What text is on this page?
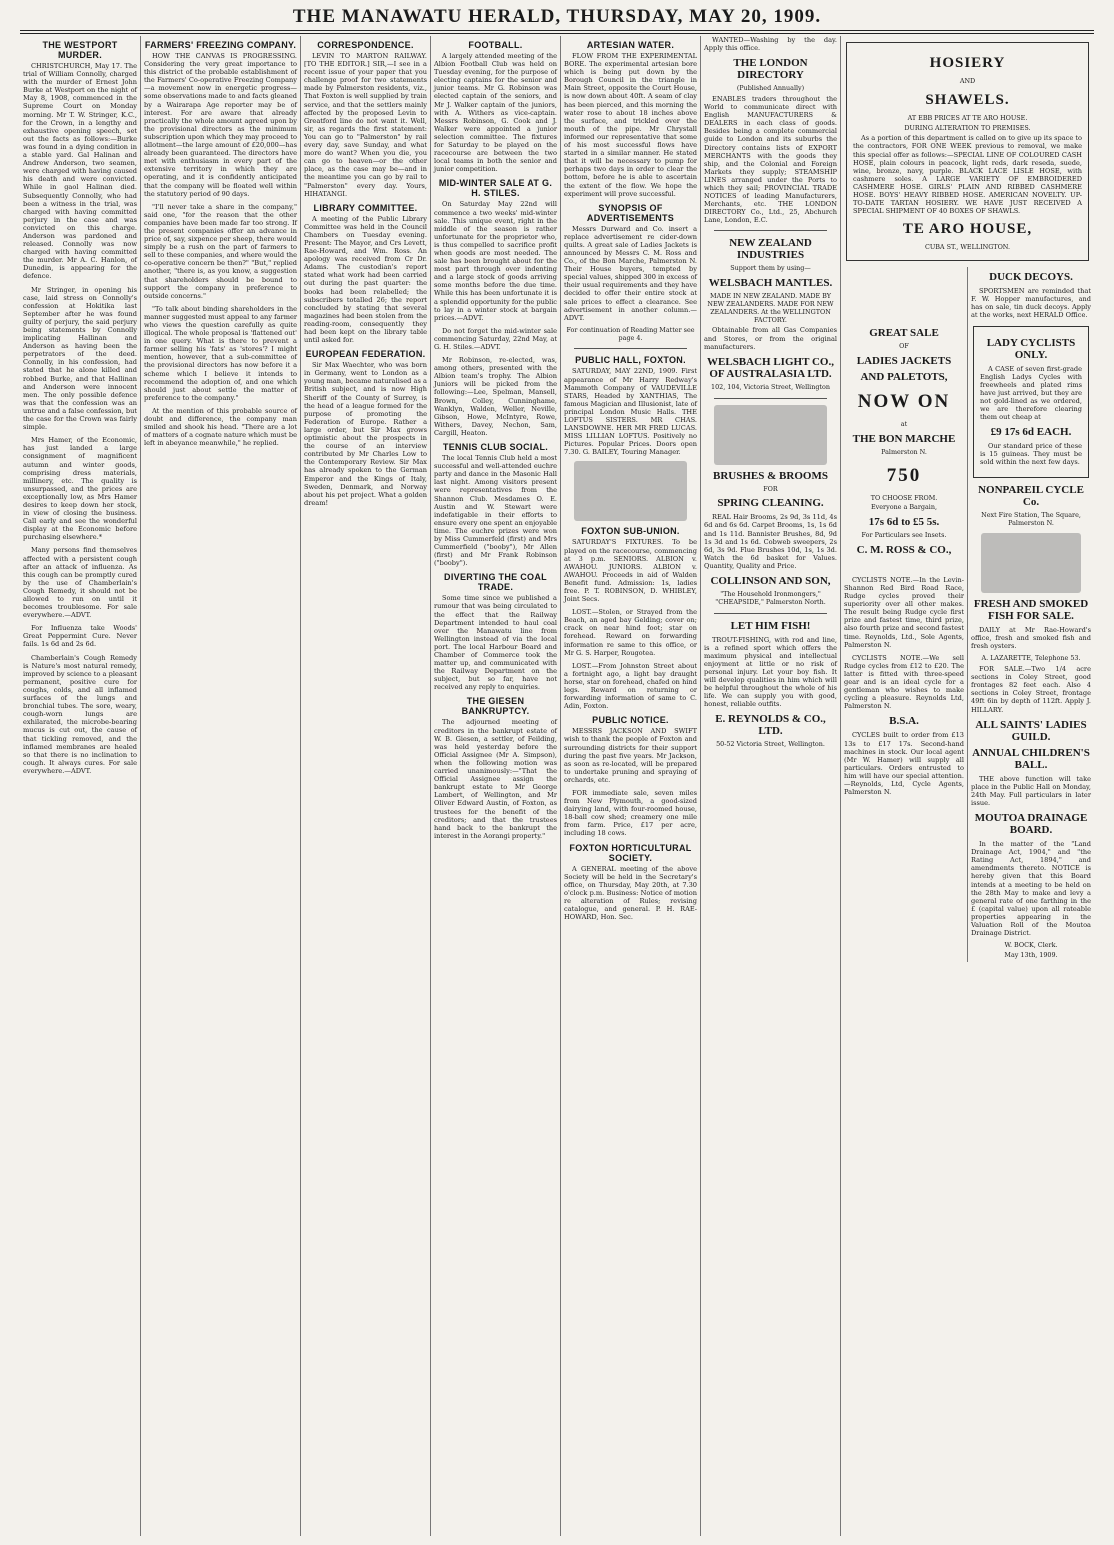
THE MANAWATU HERALD, THURSDAY, MAY 20, 1909.
THE WESTPORT MURDER.

CHRISTCHURCH, May 17. The trial of William Connolly, charged with the murder of Ernest John Burke at Westport on the night of May 8, 1908, commenced in the Supreme Court on Monday morning. Mr T. W. Stringer, K.C., for the Crown, in a lengthy and exhaustive opening speech, set out the facts as follows:—Burke was found in a dying condition in a stable yard. Gal Halinan and Andrew Anderson, two seamen, were charged with having caused his death and were convicted. While in gaol Halinan died. Subsequently Connolly, who had been a witness in the trial, was charged with having committed perjury in the case and was convicted on this charge. Anderson was pardoned and released. Connolly was now charged with having committed the murder. Mr A. C. Hanlon, of Dunedin, is appearing for the defence.

Mr Stringer, in opening his case, laid stress on Connolly's confession at Hokitika last September after he was found guilty of perjury, the said perjury being statements by Connolly implicating Hallinan and Anderson as having been the perpetrators of the deed. Connolly, in his confession, had stated that he alone killed and robbed Burke, and that Hallinan and Anderson were innocent men. The only possible defence was that the confession was an untrue and a false confession, but the case for the Crown was fairly simple.

Mrs Hamer, of the Economic, has just landed a large consignment of magnificent autumn and winter goods, comprising dress materials, millinery, etc. The quality is unsurpassed, and the prices are exceptionally low, as Mrs Hamer desires to keep down her stock, in view of closing the business. Call early and see the wonderful display at the Economic before purchasing elsewhere.*

Many persons find themselves affected with a persistent cough after an attack of influenza. As this cough can be promptly cured by the use of Chamberlain's Cough Remedy, it should not be allowed to run on until it becomes troublesome. For sale everywhere.—ADVT.

For Influenza take Woods' Great Peppermint Cure. Never fails. 1s 6d and 2s 6d.

Chamberlain's Cough Remedy is Nature's most natural remedy, improved by science to a pleasant permanent, positive cure for coughs, colds, and all inflamed surfaces of the lungs and bronchial tubes. The sore, weary, cough-worn lungs are exhilarated, the microbe-bearing mucus is cut out, the cause of that tickling removed, and the inflamed membranes are healed so that there is no inclination to cough. It always cures. For sale everywhere.—ADVT.

FARMERS' FREEZING COMPANY.

HOW THE CANVAS IS PROGRESSING. Considering the very great importance to this district of the probable establishment of the Farmers' Co-operative Freezing Company—a movement now in energetic progress—some observations made to and facts gleaned by a Wairarapa Age reporter may be of interest. For are aware that already practically the whole amount agreed upon by the provisional directors as the minimum subscription upon which they may proceed to allotment—the large amount of £20,000—has already been guaranteed. The directors have met with enthusiasm in every part of the extensive territory in which they are operating, and it is confidently anticipated that the company will be floated well within the statutory period of 90 days.

"I'll never take a share in the company," said one, "for the reason that the other companies have been made far too strong. If the present companies offer an advance in price of, say, sixpence per sheep, there would simply be a rush on the part of farmers to sell to these companies, and where would the co-operative concern be then?" "But," replied another, "there is, as you know, a suggestion that shareholders should be bound to support the company in preference to outside concerns."

"To talk about binding shareholders in the manner suggested must appeal to any farmer who views the question carefully as quite illogical. The whole proposal is 'flattened out' in one query. What is there to prevent a farmer selling his 'fats' as 'stores'? I might mention, however, that a sub-committee of the provisional directors has now before it a scheme which I believe it intends to recommend the adoption of, and one which should just about settle the matter of preference to the company."

At the mention of this probable source of doubt and difference, the company man smiled and shook his head. "There are a lot of matters of a cognate nature which must be left in abeyance meanwhile," he replied.

CORRESPONDENCE.

LEVIN TO MARTON RAILWAY. [TO THE EDITOR.] SIR,—I see in a recent issue of your paper that you challenge proof for two statements made by Palmerston residents, viz., That Foxton is well supplied by train service, and that the settlers mainly affected by the proposed Levin to Greatford line do not want it. Well, sir, as regards the first statement: You can go to "Palmerston" by rail every day, save Sunday, and what more do want? When you die, you can go to heaven—or the other place, as the case may be—and in the meantime you can go by rail to "Palmerston" every day. Yours, HIHATANGI.

LIBRARY COMMITTEE.

A meeting of the Public Library Committee was held in the Council Chambers on Tuesday evening. Present: The Mayor, and Crs Levett, Rae-Howard, and Wm. Ross. An apology was received from Cr Dr. Adams. The custodian's report stated what work had been carried out during the past quarter: the books had been relabelled; the subscribers totalled 26; the report concluded by stating that several magazines had been stolen from the reading-room, consequently they had been kept on the library table until asked for.

EUROPEAN FEDERATION.

Sir Max Waechter, who was born in Germany, went to London as a young man, became naturalised as a British subject, and is now High Sheriff of the County of Surrey, is the head of a league formed for the purpose of promoting the Federation of Europe. Rather a large order, but Sir Max grows optimistic about the prospects in the course of an interview contributed by Mr Charles Low to the Contemporary Review. Sir Max has already spoken to the German Emperor and the Kings of Italy, Sweden, Denmark, and Norway about his pet project. What a golden dream!

FOOTBALL.

A largely attended meeting of the Albion Football Club was held on Tuesday evening, for the purpose of electing captains for the senior and junior teams. Mr G. Robinson was elected captain of the seniors, and Mr J. Walker captain of the juniors, with A. Withers as vice-captain. Messrs Robinson, G. Cook and J. Walker were appointed a junior selection committee. The fixtures for Saturday to be played on the racecourse are between the two local teams in both the senior and junior competition.

MID-WINTER SALE AT G. H. STILES.

On Saturday May 22nd will commence a two weeks' mid-winter sale. This unique event, right in the middle of the season is rather unfortunate for the proprietor who, is thus compelled to sacrifice profit when goods are most needed. The sale has been brought about for the most part through over indenting and a large stock of goods arriving some months before the due time. While this has been unfortunate it is a splendid opportunity for the public to lay in a winter stock at bargain prices.—ADVT.

Do not forget the mid-winter sale commencing Saturday, 22nd May, at G. H. Stiles.—ADVT.

Mr Robinson, re-elected, was, among others, presented with the Albion team's trophy. The Albion Juniors will be picked from the following:—Lee, Spelman, Mansell, Brown, Colley, Cunninghame, Wanklyn, Walden, Weller, Neville, Gibson, Howe, McIntyre, Rowe, Withers, Davey, Nechon, Sam, Cargill, Heaton.

TENNIS CLUB SOCIAL.

The local Tennis Club held a most successful and well-attended euchre party and dance in the Masonic Hall last night. Among visitors present were representatives from the Shannon Club. Mesdames O. E. Austin and W. Stewart were indefatigable in their efforts to ensure every one spent an enjoyable time. The euchre prizes were won by Miss Cummerfeld (first) and Mrs Cummerfield ("booby"), Mr Allen (first) and Mr Frank Robinson ("booby").

DIVERTING THE COAL TRADE.

Some time since we published a rumour that was being circulated to the effect that the Railway Department intended to haul coal over the Manawatu line from Wellington instead of via the local port. The local Harbour Board and Chamber of Commerce took the matter up, and communicated with the Railway Department on the subject, but so far, have not received any reply to enquiries.

THE GIESEN BANKRUPTCY.

The adjourned meeting of creditors in the bankrupt estate of W. B. Giesen, a settler, of Feilding, was held yesterday before the Official Assignee (Mr A. Simpson), when the following motion was carried unanimously:—"That the Official Assignee assign the bankrupt estate to Mr George Lambert, of Wellington, and Mr Oliver Edward Austin, of Foxton, as trustees for the benefit of the creditors; and that the trustees hand back to the bankrupt the interest in the Aorangi property."

ARTESIAN WATER.

FLOW FROM THE EXPERIMENTAL BORE. The experimental artesian bore which is being put down by the Borough Council in the triangle in Main Street, opposite the Court House, is now down about 40ft. A seam of clay has been pierced, and this morning the water rose to about 18 inches above the surface, and trickled over the mouth of the pipe. Mr Chrystall informed our representative that some of his most successful flows have started in a similar manner. He stated that it will be necessary to pump for perhaps two days in order to clear the bottom, before he is able to ascertain the extent of the flow. We hope the experiment will prove successful.

SYNOPSIS OF ADVERTISEMENTS

Messrs Durward and Co. insert a replace advertisement re cider-down quilts. A great sale of Ladies Jackets is announced by Messrs C. M. Ross and Co., of the Bon Marche, Palmerston N. Their House buyers, tempted by special values, shipped 300 in excess of their usual requirements and they have decided to offer their entire stock at sale prices to effect a clearance. See advertisement in another column.—ADVT.

For continuation of Reading Matter see page 4.

PUBLIC HALL, FOXTON.

SATURDAY, MAY 22ND, 1909. First appearance of Mr Harry Redway's Mammoth Company of VAUDEVILLE STARS, Headed by XANTHIAS, The famous Magician and Illusionist, late of principal London Music Halls. THE LOFTUS SISTERS. MR CHAS. LANSDOWNE. HER MR FRED LUCAS. MISS LILLIAN LOFTUS. Positively no Pictures. Popular Prices. Doors open 7.30. G. BAILEY, Touring Manager.

FOXTON SUB-UNION.

SATURDAY'S FIXTURES. To be played on the racecourse, commencing at 3 p.m. SENIORS. ALBION v. AWAHOU. JUNIORS. ALBION v. AWAHOU. Proceeds in aid of Walden Benefit fund. Admission: 1s, ladies free. P. T. ROBINSON, D. WHIBLEY, Joint Secs.

LOST.—Stolen, or Strayed from the Beach, an aged bay Gelding; cover on; crack on near hind foot; star on forehead. Reward on forwarding information re same to this office, or Mr G. S. Harper, Rougotea.

LOST.—From Johnston Street about a fortnight ago, a light bay draught horse, star on forehead, chafed on hind legs. Reward on returning or forwarding information of same to C. Adin, Foxton.

PUBLIC NOTICE.

MESSRS JACKSON AND SWIFT wish to thank the people of Foxton and surrounding districts for their support during the past five years. Mr Jackson, as soon as re-located, will be prepared to undertake pruning and spraying of orchards, etc.

FOR immediate sale, seven miles from New Plymouth, a good-sized dairying land, with four-roomed house, 18-ball cow shed; creamery one mile from farm. Price, £17 per acre, including 18 cows.

FOXTON HORTICULTURAL SOCIETY.

A GENERAL meeting of the above Society will be held in the Secretary's office, on Thursday, May 20th, at 7.30 o'clock p.m. Business: Notice of motion re alteration of Rules; revising catalogue, and general. P. H. RAE-HOWARD, Hon. Sec.

WANTED—Washing by the day. Apply this office.

THE LONDON DIRECTORY

(Published Annually)

ENABLES traders throughout the World to communicate direct with English MANUFACTURERS & DEALERS in each class of goods. Besides being a complete commercial guide to London and its suburbs the Directory contains lists of EXPORT MERCHANTS with the goods they ship, and the Colonial and Foreign Markets they supply; STEAMSHIP LINES arranged under the Ports to which they sail; PROVINCIAL TRADE NOTICES of leading Manufacturers, Merchants, etc. THE LONDON DIRECTORY Co., Ltd., 25, Abchurch Lane, London, E.C.

NEW ZEALAND INDUSTRIES

Support them by using—

WELSBACH MANTLES.

MADE IN NEW ZEALAND. MADE BY NEW ZEALANDERS. MADE FOR NEW ZEALANDERS. At the WELLINGTON FACTORY.

Obtainable from all Gas Companies and Stores, or from the original manufacturers.

WELSBACH LIGHT CO., OF AUSTRALASIA LTD.

102, 104, Victoria Street, Wellington

BRUSHES & BROOMS

FOR

SPRING CLEANING.

REAL Hair Brooms, 2s 9d, 3s 11d, 4s 6d and 6s 6d. Carpet Brooms, 1s, 1s 6d and 1s 11d. Bannister Brushes, 8d, 9d 1s 3d and 1s 6d. Cobweb sweepers, 2s 6d, 3s 9d. Flue Brushes 10d, 1s, 1s 3d. Watch the 6d basket for Values. Quantity, Quality and Price.

COLLINSON AND SON,

"The Household Ironmongers," "CHEAPSIDE," Palmerston North.

LET HIM FISH!

TROUT-FISHING, with rod and line, is a refined sport which offers the maximum physical and intellectual enjoyment at little or no risk of personal injury. Let your boy fish. It will develop qualities in him which will be helpful throughout the whole of his life. We can supply you with good, honest, reliable outfits.

E. REYNOLDS & CO., LTD.

50-52 Victoria Street, Wellington.

HOSIERY
AND
SHAWELS.
AT EBB PRICES AT TE ARO HOUSE.
DURING ALTERATION TO PREMISES.

As a portion of this department is called on to give up its space to the contractors, FOR ONE WEEK previous to removal, we make this special offer as follows:—SPECIAL LINE OF COLOURED CASH HOSE, plain colours in peacock, light reds, dark reseda, suede, wine, bronze, navy, purple. BLACK LACE LISLE HOSE, with cashmere soles. A LARGE VARIETY OF EMBROIDERED CASHMERE HOSE. GIRLS' PLAIN AND RIBBED CASHMERE HOSE. BOYS' HEAVY RIBBED HOSE. AMERICAN NOVELTY. UP-TO-DATE TARTAN HOSIERY. WE HAVE JUST RECEIVED A SPECIAL SHIPMENT OF 40 BOXES OF SHAWLS.

TE ARO HOUSE,
CUBA ST., WELLINGTON.
GREAT SALE
OF
LADIES JACKETS
AND PALETOTS,
NOW ON
at
THE BON MARCHE
Palmerston N.
750
TO CHOOSE FROM.
Everyone a Bargain,
17s 6d to £5 5s.
For Particulars see Insets.
C. M. ROSS & CO.,

CYCLISTS NOTE.—In the Levin-Shannon Red Bird Road Race, Rudge cycles proved their superiority over all other makes. The result being Rudge cycle first prize and fastest time, third prize, also fourth prize and second fastest time. Reynolds, Ltd., Sole Agents, Palmerston N.

CYCLISTS NOTE.—We sell Rudge cycles from £12 to £20. The latter is fitted with three-speed gear and is an ideal cycle for a gentleman who wishes to make cycling a pleasure. Reynolds Ltd, Palmerston N.

B.S.A.

CYCLES built to order from £13 13s to £17 17s. Second-hand machines in stock. Our local agent (Mr W. Hamer) will supply all particulars. Orders entrusted to him will have our special attention.—Reynolds, Ltd, Cycle Agents, Palmerston N.

DUCK DECOYS.

SPORTSMEN are reminded that F. W. Hopper manufactures, and has on sale, tin duck decoys. Apply at the works, next HERALD Office.

LADY CYCLISTS ONLY.

A CASE of seven first-grade English Ladys Cycles with freewheels and plated rims have just arrived, but they are not gold-lined as we ordered, we are therefore clearing them out cheap at

£9 17s 6d EACH.

Our standard price of these is 15 guineas. They must be sold within the next few days.

NONPAREIL CYCLE Co.

Next Fire Station, The Square, Palmerston N.

FRESH AND SMOKED FISH FOR SALE.

DAILY at Mr Rae-Howard's office, fresh and smoked fish and fresh oysters.

A. LAZARETTE, Telephone 53.

FOR SALE.—Two 1/4 acre sections in Coley Street, good frontages 82 feet each. Also 4 sections in Coley Street, frontage 49ft 6in by depth of 112ft. Apply J. HILLARY.

ALL SAINTS' LADIES GUILD.
ANNUAL CHILDREN'S BALL.

THE above function will take place in the Public Hall on Monday, 24th May. Full particulars in later issue.

MOUTOA DRAINAGE BOARD.

In the matter of the "Land Drainage Act, 1904," and "the Rating Act, 1894," and amendments thereto. NOTICE is hereby given that this Board intends at a meeting to be held on the 28th May to make and levy a general rate of one farthing in the £ (capital value) upon all rateable properties appearing in the Valuation Roll of the Moutoa Drainage District.

W. BOCK, Clerk.

May 13th, 1909.
